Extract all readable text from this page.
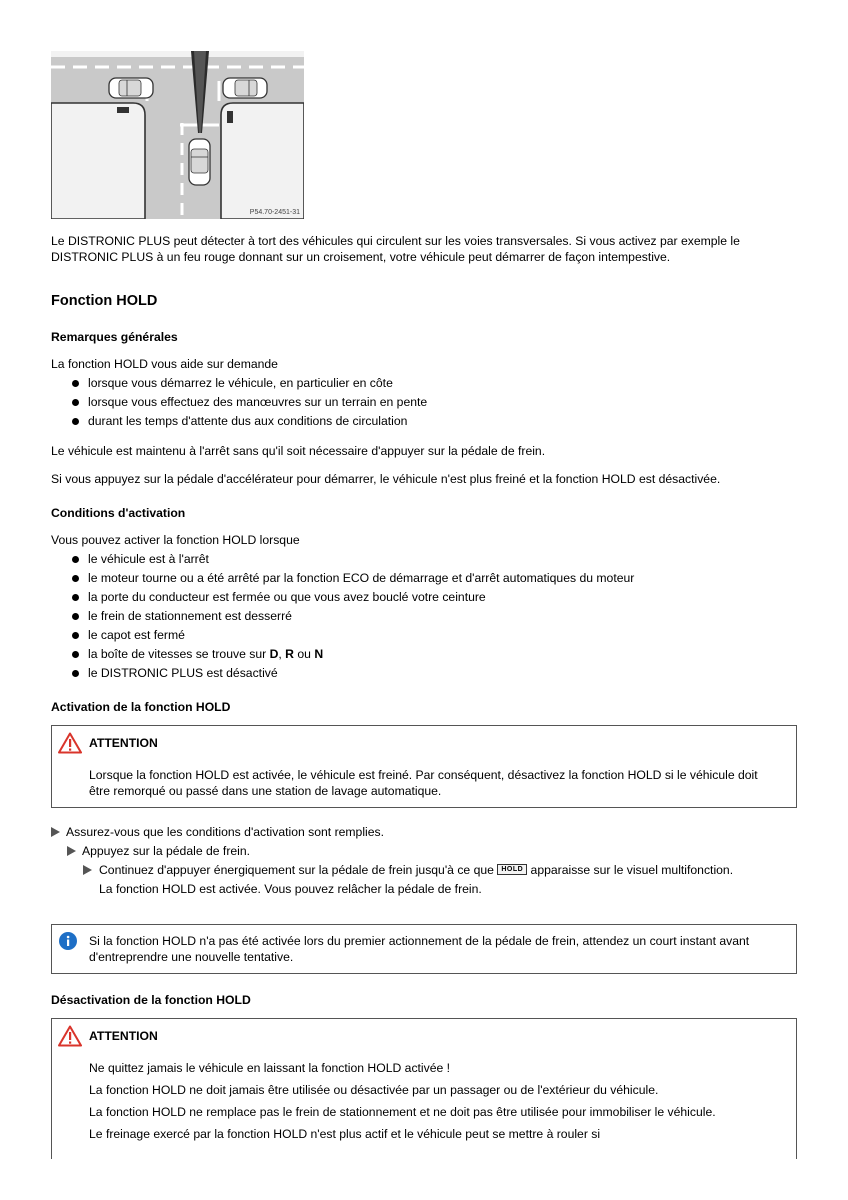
P54.70-2451-31

Le DISTRONIC PLUS peut détecter à tort des véhicules qui circulent sur les voies transversales. Si vous activez par exemple le DISTRONIC PLUS à un feu rouge donnant sur un croisement, votre véhicule peut démarrer de façon intempestive.

Fonction HOLD
Remarques générales

La fonction HOLD vous aide sur demande

lorsque vous démarrez le véhicule, en particulier en côte
lorsque vous effectuez des manœuvres sur un terrain en pente
durant les temps d'attente dus aux conditions de circulation

Le véhicule est maintenu à l'arrêt sans qu'il soit nécessaire d'appuyer sur la pédale de frein.

Si vous appuyez sur la pédale d'accélérateur pour démarrer, le véhicule n'est plus freiné et la fonction HOLD est désactivée.

Conditions d'activation

Vous pouvez activer la fonction HOLD lorsque

le véhicule est à l'arrêt
le moteur tourne ou a été arrêté par la fonction ECO de démarrage et d'arrêt automatiques du moteur
la porte du conducteur est fermée ou que vous avez bouclé votre ceinture
le frein de stationnement est desserré
le capot est fermé
la boîte de vitesses se trouve sur D, R ou N
le DISTRONIC PLUS est désactivé
Activation de la fonction HOLD
ATTENTION

Lorsque la fonction HOLD est activée, le véhicule est freiné. Par conséquent, désactivez la fonction HOLD si le véhicule doit être remorqué ou passé dans une station de lavage automatique.

Assurez-vous que les conditions d'activation sont remplies.
Appuyez sur la pédale de frein.
Continuez d'appuyer énergiquement sur la pédale de frein jusqu'à ce que HOLD apparaisse sur le visuel multifonction.
La fonction HOLD est activée. Vous pouvez relâcher la pédale de frein.

Si la fonction HOLD n'a pas été activée lors du premier actionnement de la pédale de frein, attendez un court instant avant d'entreprendre une nouvelle tentative.

Désactivation de la fonction HOLD
ATTENTION

Ne quittez jamais le véhicule en laissant la fonction HOLD activée !

La fonction HOLD ne doit jamais être utilisée ou désactivée par un passager ou de l'extérieur du véhicule.

La fonction HOLD ne remplace pas le frein de stationnement et ne doit pas être utilisée pour immobiliser le véhicule.

Le freinage exercé par la fonction HOLD n'est plus actif et le véhicule peut se mettre à rouler si
